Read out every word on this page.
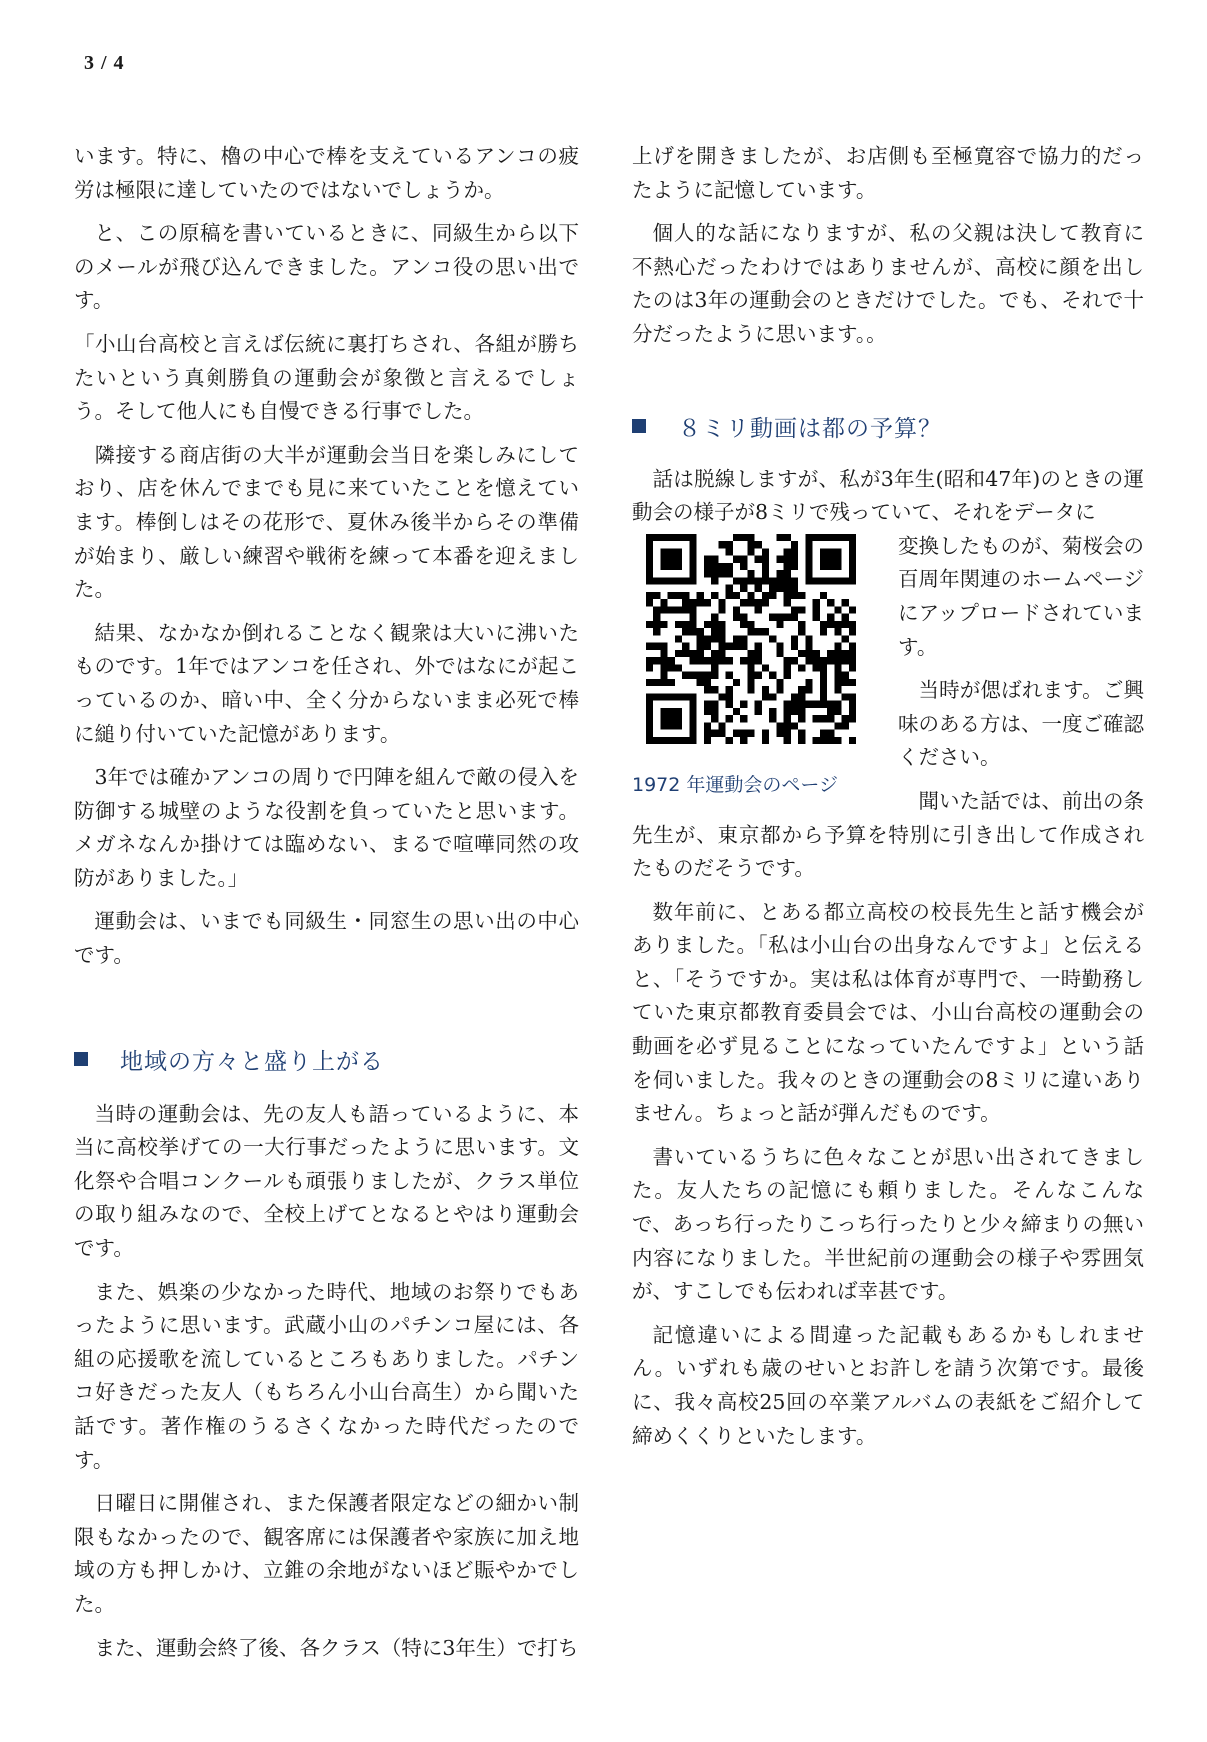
3 / 4

います。特に、櫓の中心で棒を支えているアンコの疲労は極限に達していたのではないでしょうか。

と、この原稿を書いているときに、同級生から以下のメールが飛び込んできました。アンコ役の思い出です。

「小山台高校と言えば伝統に裏打ちされ、各組が勝ちたいという真剣勝負の運動会が象徴と言えるでしょう。そして他人にも自慢できる行事でした。

隣接する商店街の大半が運動会当日を楽しみにしており、店を休んでまでも見に来ていたことを憶えています。棒倒しはその花形で、夏休み後半からその準備が始まり、厳しい練習や戦術を練って本番を迎えました。

結果、なかなか倒れることなく観衆は大いに沸いたものです。1年ではアンコを任され、外ではなにが起こっているのか、暗い中、全く分からないまま必死で棒に縋り付いていた記憶があります。

3年では確かアンコの周りで円陣を組んで敵の侵入を防御する城壁のような役割を負っていたと思います。メガネなんか掛けては臨めない、まるで喧嘩同然の攻防がありました。」

運動会は、いまでも同級生・同窓生の思い出の中心です。

地域の方々と盛り上がる

当時の運動会は、先の友人も語っているように、本当に高校挙げての一大行事だったように思います。文化祭や合唱コンクールも頑張りましたが、クラス単位の取り組みなので、全校上げてとなるとやはり運動会です。

また、娯楽の少なかった時代、地域のお祭りでもあったように思います。武蔵小山のパチンコ屋には、各組の応援歌を流しているところもありました。パチンコ好きだった友人（もちろん小山台高生）から聞いた話です。著作権のうるさくなかった時代だったのです。

日曜日に開催され、また保護者限定などの細かい制限もなかったので、観客席には保護者や家族に加え地域の方も押しかけ、立錐の余地がないほど賑やかでした。

また、運動会終了後、各クラス（特に3年生）で打ち

上げを開きましたが、お店側も至極寛容で協力的だったように記憶しています。

個人的な話になりますが、私の父親は決して教育に不熱心だったわけではありませんが、高校に顔を出したのは3年の運動会のときだけでした。でも、それで十分だったように思います。。

８ミリ動画は都の予算？

話は脱線しますが、私が3年生(昭和47年)のときの運動会の様子が8ミリで残っていて、それをデータに

1972 年運動会のページ

変換したものが、菊桜会の百周年関連のホームページにアップロードされています。

当時が偲ばれます。ご興味のある方は、一度ご確認ください。

聞いた話では、前出の条先生が、東京都から予算を特別に引き出して作成されたものだそうです。

数年前に、とある都立高校の校長先生と話す機会がありました。「私は小山台の出身なんですよ」と伝えると、「そうですか。実は私は体育が専門で、一時勤務していた東京都教育委員会では、小山台高校の運動会の動画を必ず見ることになっていたんですよ」という話を伺いました。我々のときの運動会の8ミリに違いありません。ちょっと話が弾んだものです。

書いているうちに色々なことが思い出されてきました。友人たちの記憶にも頼りました。そんなこんなで、あっち行ったりこっち行ったりと少々締まりの無い内容になりました。半世紀前の運動会の様子や雰囲気が、すこしでも伝われば幸甚です。

記憶違いによる間違った記載もあるかもしれません。いずれも歳のせいとお許しを請う次第です。最後に、我々高校25回の卒業アルバムの表紙をご紹介して締めくくりといたします。
